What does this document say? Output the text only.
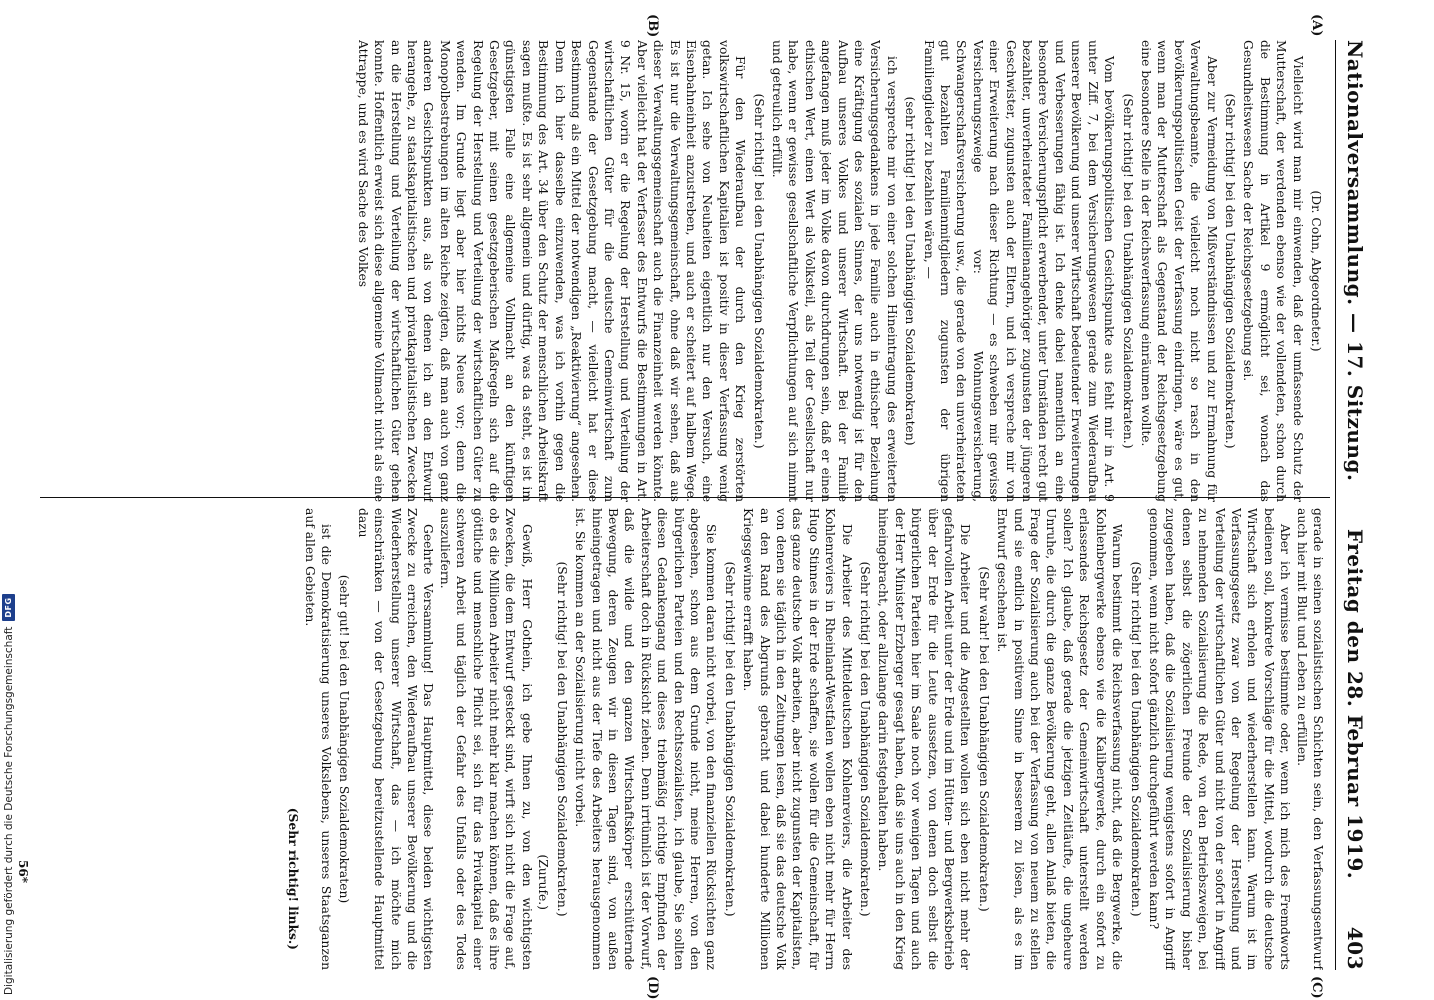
Nationalversammlung. — 17. Sitzung.
Freitag den 28. Februar 1919.
403
(A)
(B)
(C)
(D)

(Dr. Cohn, Abgeordneter.)

Vielleicht wird man mir einwenden, daß der umfassende Schutz der Mutterschaft, der werdenden ebenso wie der vollendeten, schon durch die Bestimmung in Artikel 9 ermöglicht sei, wonach das Gesundheitswesen Sache der Reichsgesetzgebung sei.

(Sehr richtig! bei den Unabhängigen Sozialdemokraten.)

Aber zur Vermeidung von Mißverständnissen und zur Ermahnung für Verwaltungsbeamte, die vielleicht noch nicht so rasch in den bevölkerungspolitischen Geist der Verfassung eindringen, wäre es gut, wenn man der Mutterschaft als Gegenstand der Reichsgesetzgebung eine besondere Stelle in der Reichsverfassung einräumen wollte.

(Sehr richtig! bei den Unabhängigen Sozialdemokraten.)

Vom bevölkerungspolitischen Gesichtspunkte aus fehlt mir in Art. 9 unter Ziff. 7, bei dem Versicherungswesen gerade zum Wiederaufbau unserer Bevölkerung und unserer Wirtschaft bedeutender Erweiterungen und Verbesserungen fähig ist. Ich denke dabei namentlich an eine besondere Versicherungspflicht erwerbender, unter Umständen recht gut bezahlter, unverheirateter Familienangehöriger zugunsten der jüngeren Geschwister, zugunsten auch der Eltern, und ich verspreche mir von einer Erweiterung nach dieser Richtung — es schweben mir gewisse Versicherungszweige vor: Wohnungsversicherung, Schwangerschaftsversicherung usw., die gerade von den unverheirateten gut bezahlten Familienmitgliedern zugunsten der übrigen Familienglieder zu bezahlen wären, —

(sehr richtig! bei den Unabhängigen Sozialdemokraten)

ich verspreche mir von einer solchen Hineintragung des erweiterten Versicherungsgedankens in jede Familie auch in ethischer Beziehung eine Kräftigung des sozialen Sinnes, der uns notwendig ist für den Aufbau unseres Volkes und unserer Wirtschaft. Bei der Familie angefangen muß jeder im Volke davon durchdrungen sein, daß er einen ethischen Wert, einen Wert als Volksteil, als Teil der Gesellschaft nur habe, wenn er gewisse gesellschaftliche Verpflichtungen auf sich nimmt und getreulich erfüllt.

(Sehr richtig! bei den Unabhängigen Sozialdemokraten.)

Für den Wiederaufbau der durch den Krieg zerstörten volkswirtschaftlichen Kapitalien ist positiv in dieser Verfassung wenig getan. Ich sehe von Neuheiten eigentlich nur den Versuch, eine Eisenbahneinheit anzustreben, und auch er scheitert auf halbem Wege. Es ist nur die Verwaltungsgemeinschaft, ohne daß wir sehen, daß aus dieser Verwaltungsgemeinschaft auch die Finanzeinheit werden könnte. Aber vielleicht hat der Verfasser des Entwurfs die Bestimmungen in Art. 9 Nr. 15, worin er die Regelung der Herstellung und Verteilung der wirtschaftlichen Güter für die deutsche Gemeinwirtschaft zum Gegenstande der Gesetzgebung macht, — vielleicht hat er diese Bestimmung als ein Mittel der notwendigen „Reaktivierung“ angesehen. Denn ich hier dasselbe einzuwenden, was ich vorhin gegen die Bestimmung des Art. 34 über den Schutz der menschlichen Arbeitskraft sagen mußte. Es ist sehr allgemein und dürftig, was da steht, es ist im günstigsten Falle eine allgemeine Vollmacht an den künftigen Gesetzgeber, mit seinen gesetzgeberischen Maßregeln sich auf die Regelung der Herstellung und Verteilung der wirtschaftlichen Güter zu wenden. Im Grunde liegt aber hier nichts Neues vor; denn die Monopolbestrebungen im alten Reiche zeigten, daß man auch von ganz anderen Gesichtspunkten aus, als von denen ich an den Entwurf herangehe, zu staatskapitalistischen und privatkapitalistischen Zwecken an die Herstellung und Verteilung der wirtschaftlichen Güter gehen konnte. Hoffentlich erweist sich diese allgemeine Vollmacht nicht als eine Attrappe, und es wird Sache des Volkes

gerade in seinen sozialistischen Schichten sein, den Verfassungsentwurf auch hier mit Blut und Leben zu erfüllen.

Aber ich vermisse bestimmte oder, wenn ich mich des Fremdworts bedienen soll, konkrete Vorschläge für die Mittel, wodurch die deutsche Wirtschaft sich erholen und wiederherstellen kann. Warum ist im Verfassungsgesetz zwar von der Regelung der Herstellung und Verteilung der wirtschaftlichen Güter und nicht von der sofort in Angriff zu nehmenden Sozialisierung die Rede, von den Betriebszweigen, bei denen selbst die zögerlichen Freunde der Sozialisierung bisher zugegeben haben, daß die Sozialisierung wenigstens sofort in Angriff genommen, wenn nicht sofort gänzlich durchgeführt werden kann?

(Sehr richtig! bei den Unabhängigen Sozialdemokraten.)

Warum bestimmt die Reichsverfassung nicht, daß die Bergwerke, die Kohlenbergwerke ebenso wie die Kalibergwerke, durch ein sofort zu erlassendes Reichsgesetz der Gemeinwirtschaft unterstellt werden sollen? Ich glaube, daß gerade die jetzigen Zeitläufte, die ungeheure Unruhe, die durch die ganze Bevölkerung geht, allen Anlaß bieten, die Frage der Sozialisierung auch bei der Verfassung von neuem zu stellen und sie endlich in positivem Sinne in besserem zu lösen, als es im Entwurf geschehen ist.

(Sehr wahr! bei den Unabhängigen Sozialdemokraten.)

Die Arbeiter und die Angestellten wollen sich eben nicht mehr der gefahrvollen Arbeit unter der Erde und im Hütten- und Bergwerksbetrieb über der Erde für die Leute aussetzen, von denen doch selbst die bürgerlichen Parteien hier im Saale noch vor wenigen Tagen und auch der Herr Minister Erzberger gesagt haben, daß sie uns auch in den Krieg hineingebracht, oder allzulange darin festgehalten haben.

(Sehr richtig! bei den Unabhängigen Sozialdemokraten.)

Die Arbeiter des Mitteldeutschen Kohlenreviers, die Arbeiter des Kohlenreviers in Rheinland-Westfalen wollen eben nicht mehr für Herrn Hugo Stinnes in der Erde schaffen, sie wollen für die Gemeinschaft, für das ganze deutsche Volk arbeiten, aber nicht zugunsten der Kapitalisten, von denen sie täglich in den Zeitungen lesen, daß sie das deutsche Volk an den Rand des Abgrunds gebracht und dabei hunderte Millionen Kriegsgewinne errafft haben.

(Sehr richtig! bei den Unabhängigen Sozialdemokraten.)

Sie kommen daran nicht vorbei, von den finanziellen Rücksichten ganz abgesehen, schon aus dem Grunde nicht, meine Herren, von den bürgerlichen Parteien und den Rechtssozialisten, ich glaube, Sie sollten diesen Gedankengang und dieses triebmäßig richtige Empfinden der Arbeiterschaft doch in Rücksicht ziehen. Denn irrtümlich ist der Vorwurf, daß die wilde und den ganzen Wirtschaftskörper erschütternde Bewegung, deren Zeugen wir in diesen Tagen sind, von außen hineingetragen und nicht aus der Tiefe des Arbeiters herausgenommen ist. Sie kommen an der Sozialisierung nicht vorbei.

(Sehr richtig! bei den Unabhängigen Sozialdemokraten.)

(Zurufe.)

Gewiß, Herr Gothein, ich gebe Ihnen zu, von den wichtigsten Zwecken, die dem Entwurf gesteckt sind, wirft sich nicht die Frage auf, ob es die Millionen Arbeiter nicht mehr klar machen können, daß es ihre göttliche und menschliche Pflicht sei, sich für das Privatkapital einer schweren Arbeit und täglich der Gefahr des Unfalls oder des Todes auszuliefern.

Geehrte Versammlung! Das Hauptmittel, diese beiden wichtigsten Zwecke zu erreichen, den Wiederaufbau unserer Bevölkerung und die Wiederherstellung unserer Wirtschaft, das — ich möchte mich einschränken — von der Gesetzgebung bereitzustellende Hauptmittel dazu

(sehr gut! bei den Unabhängigen Sozialdemokraten)

ist die Demokratisierung unseres Volkslebens, unseres Staatsganzen auf allen Gebieten.

(Sehr richtig! links.)

56*
Digitalisierung gefördert durch die Deutsche Forschungsgemeinschaft
DFG
